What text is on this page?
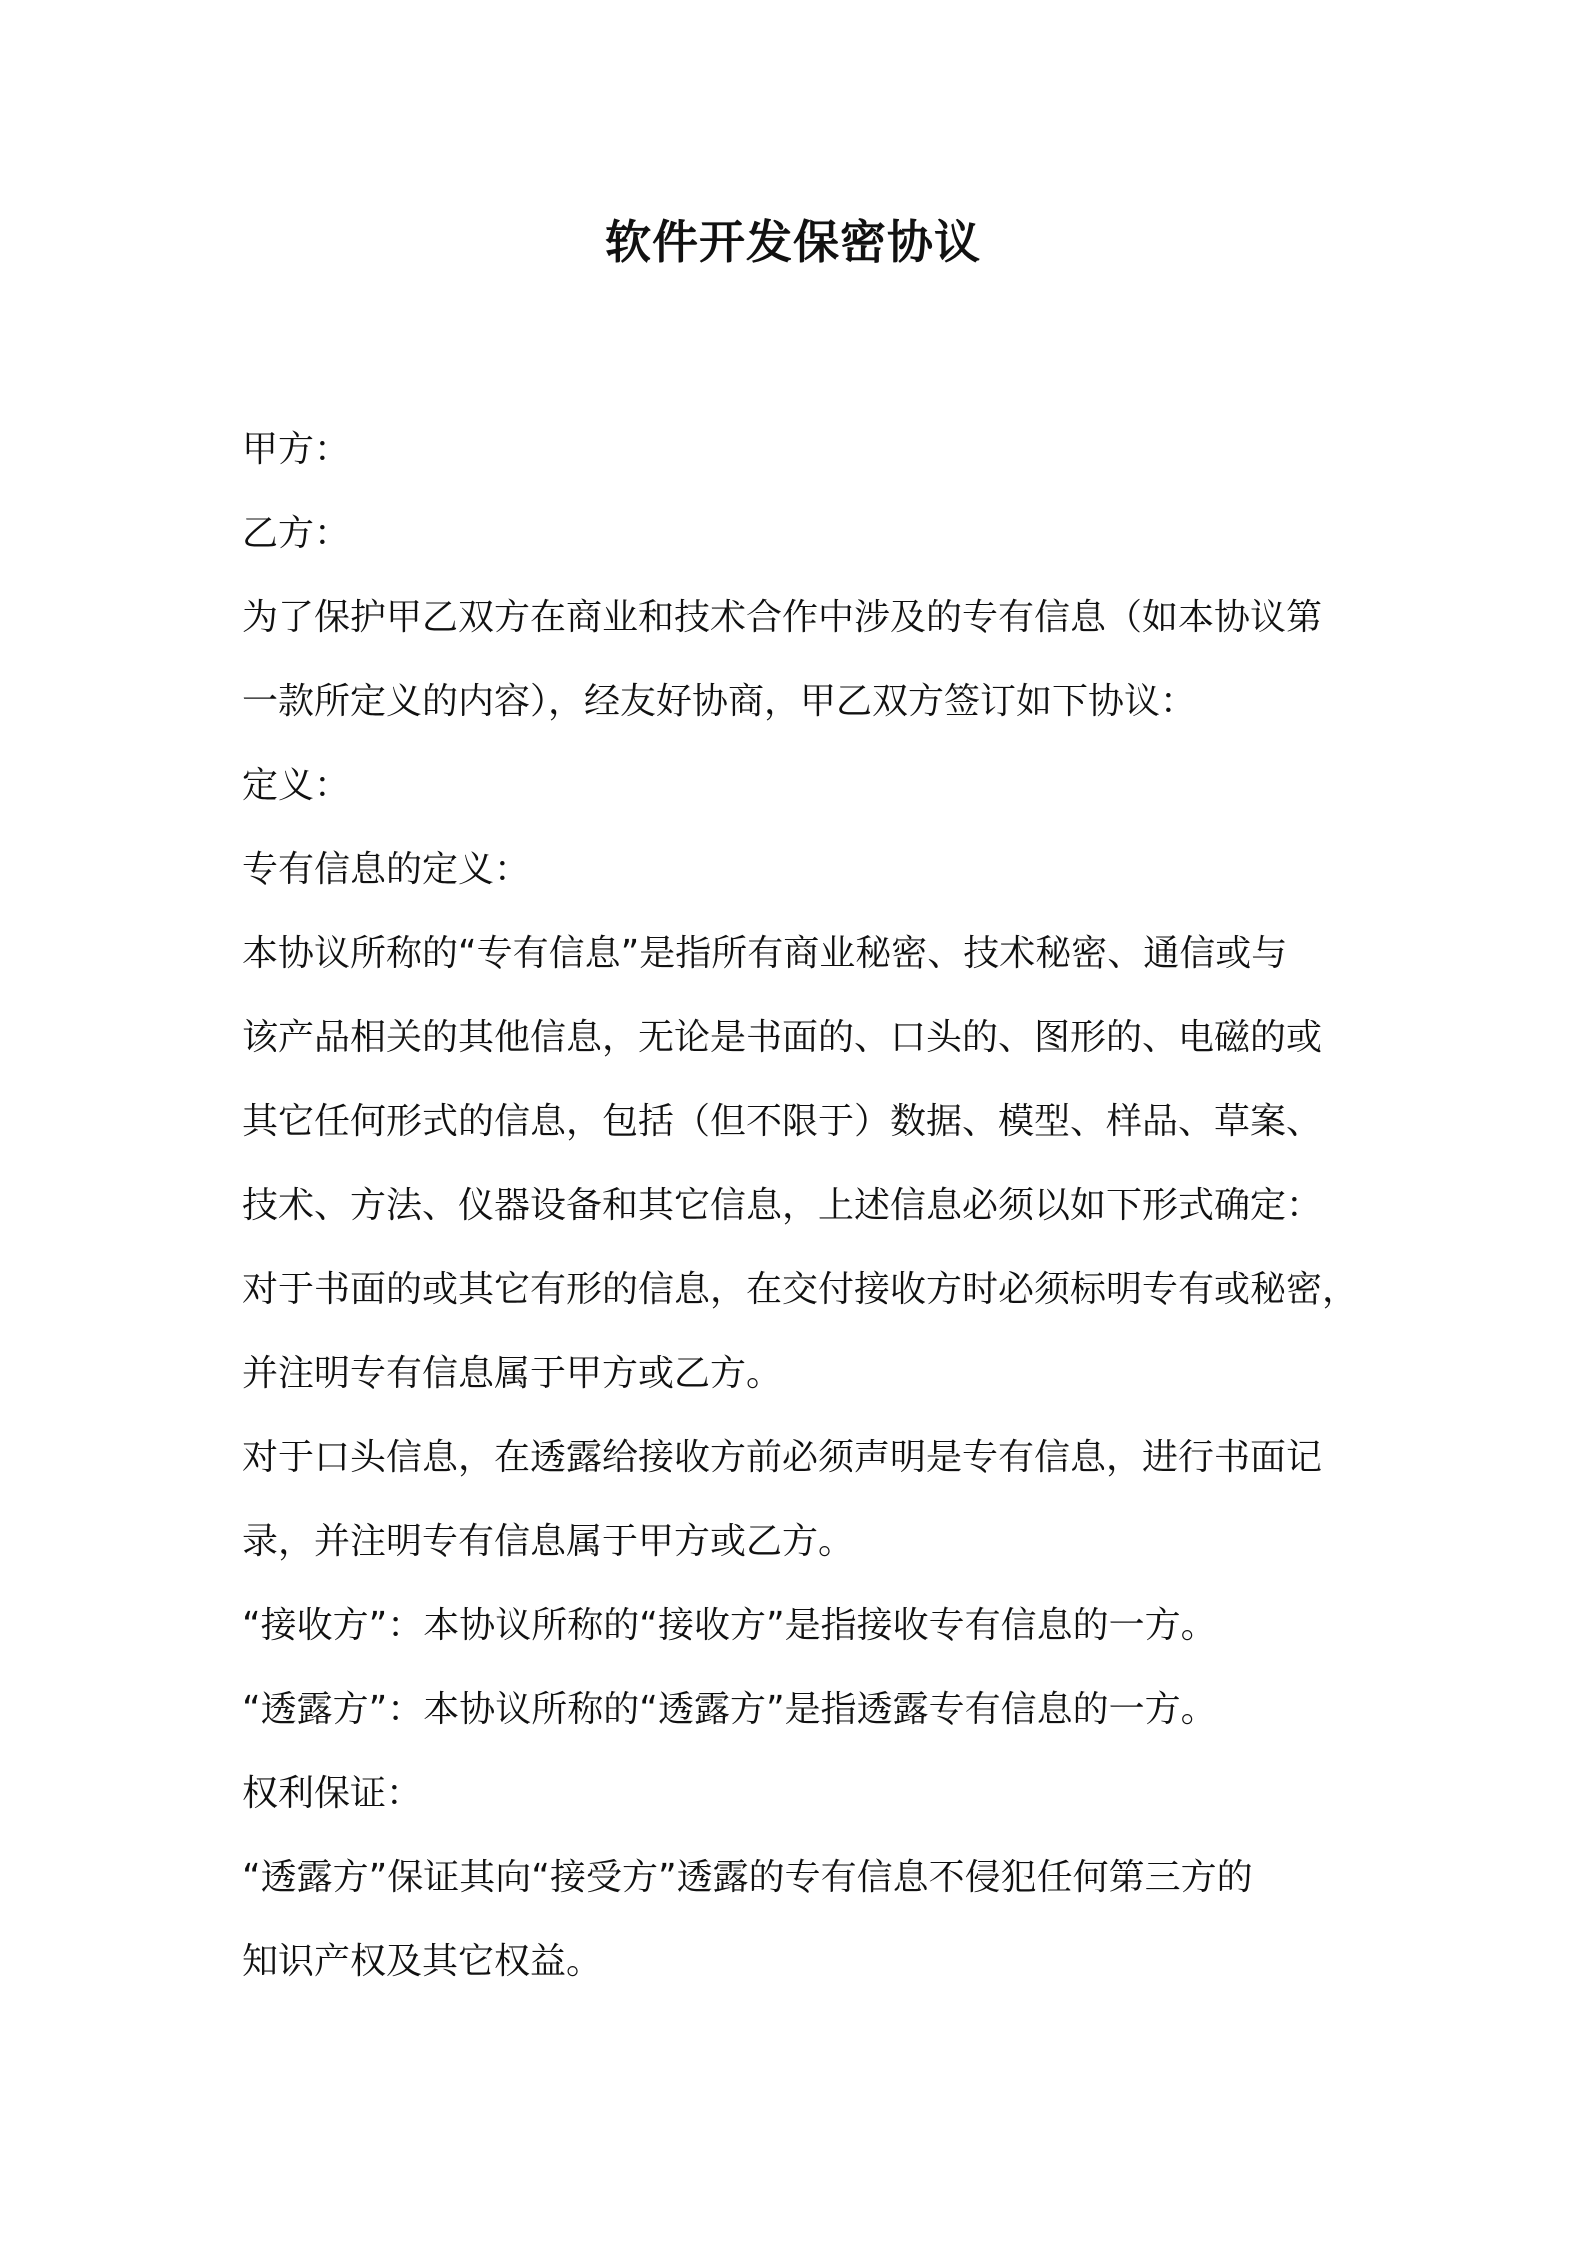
软件开发保密协议

甲方：

乙方：

为了保护甲乙双方在商业和技术合作中涉及的专有信息（如本协议第

一款所定义的内容），经友好协商，甲乙双方签订如下协议：

定义：

专有信息的定义：

本协议所称的“专有信息”是指所有商业秘密、技术秘密、通信或与

该产品相关的其他信息，无论是书面的、口头的、图形的、电磁的或

其它任何形式的信息，包括（但不限于）数据、模型、样品、草案、

技术、方法、仪器设备和其它信息，上述信息必须以如下形式确定：

对于书面的或其它有形的信息，在交付接收方时必须标明专有或秘密，

并注明专有信息属于甲方或乙方。

对于口头信息，在透露给接收方前必须声明是专有信息，进行书面记

录，并注明专有信息属于甲方或乙方。

“接收方”：本协议所称的“接收方”是指接收专有信息的一方。

“透露方”：本协议所称的“透露方”是指透露专有信息的一方。

权利保证：

“透露方”保证其向“接受方”透露的专有信息不侵犯任何第三方的

知识产权及其它权益。
